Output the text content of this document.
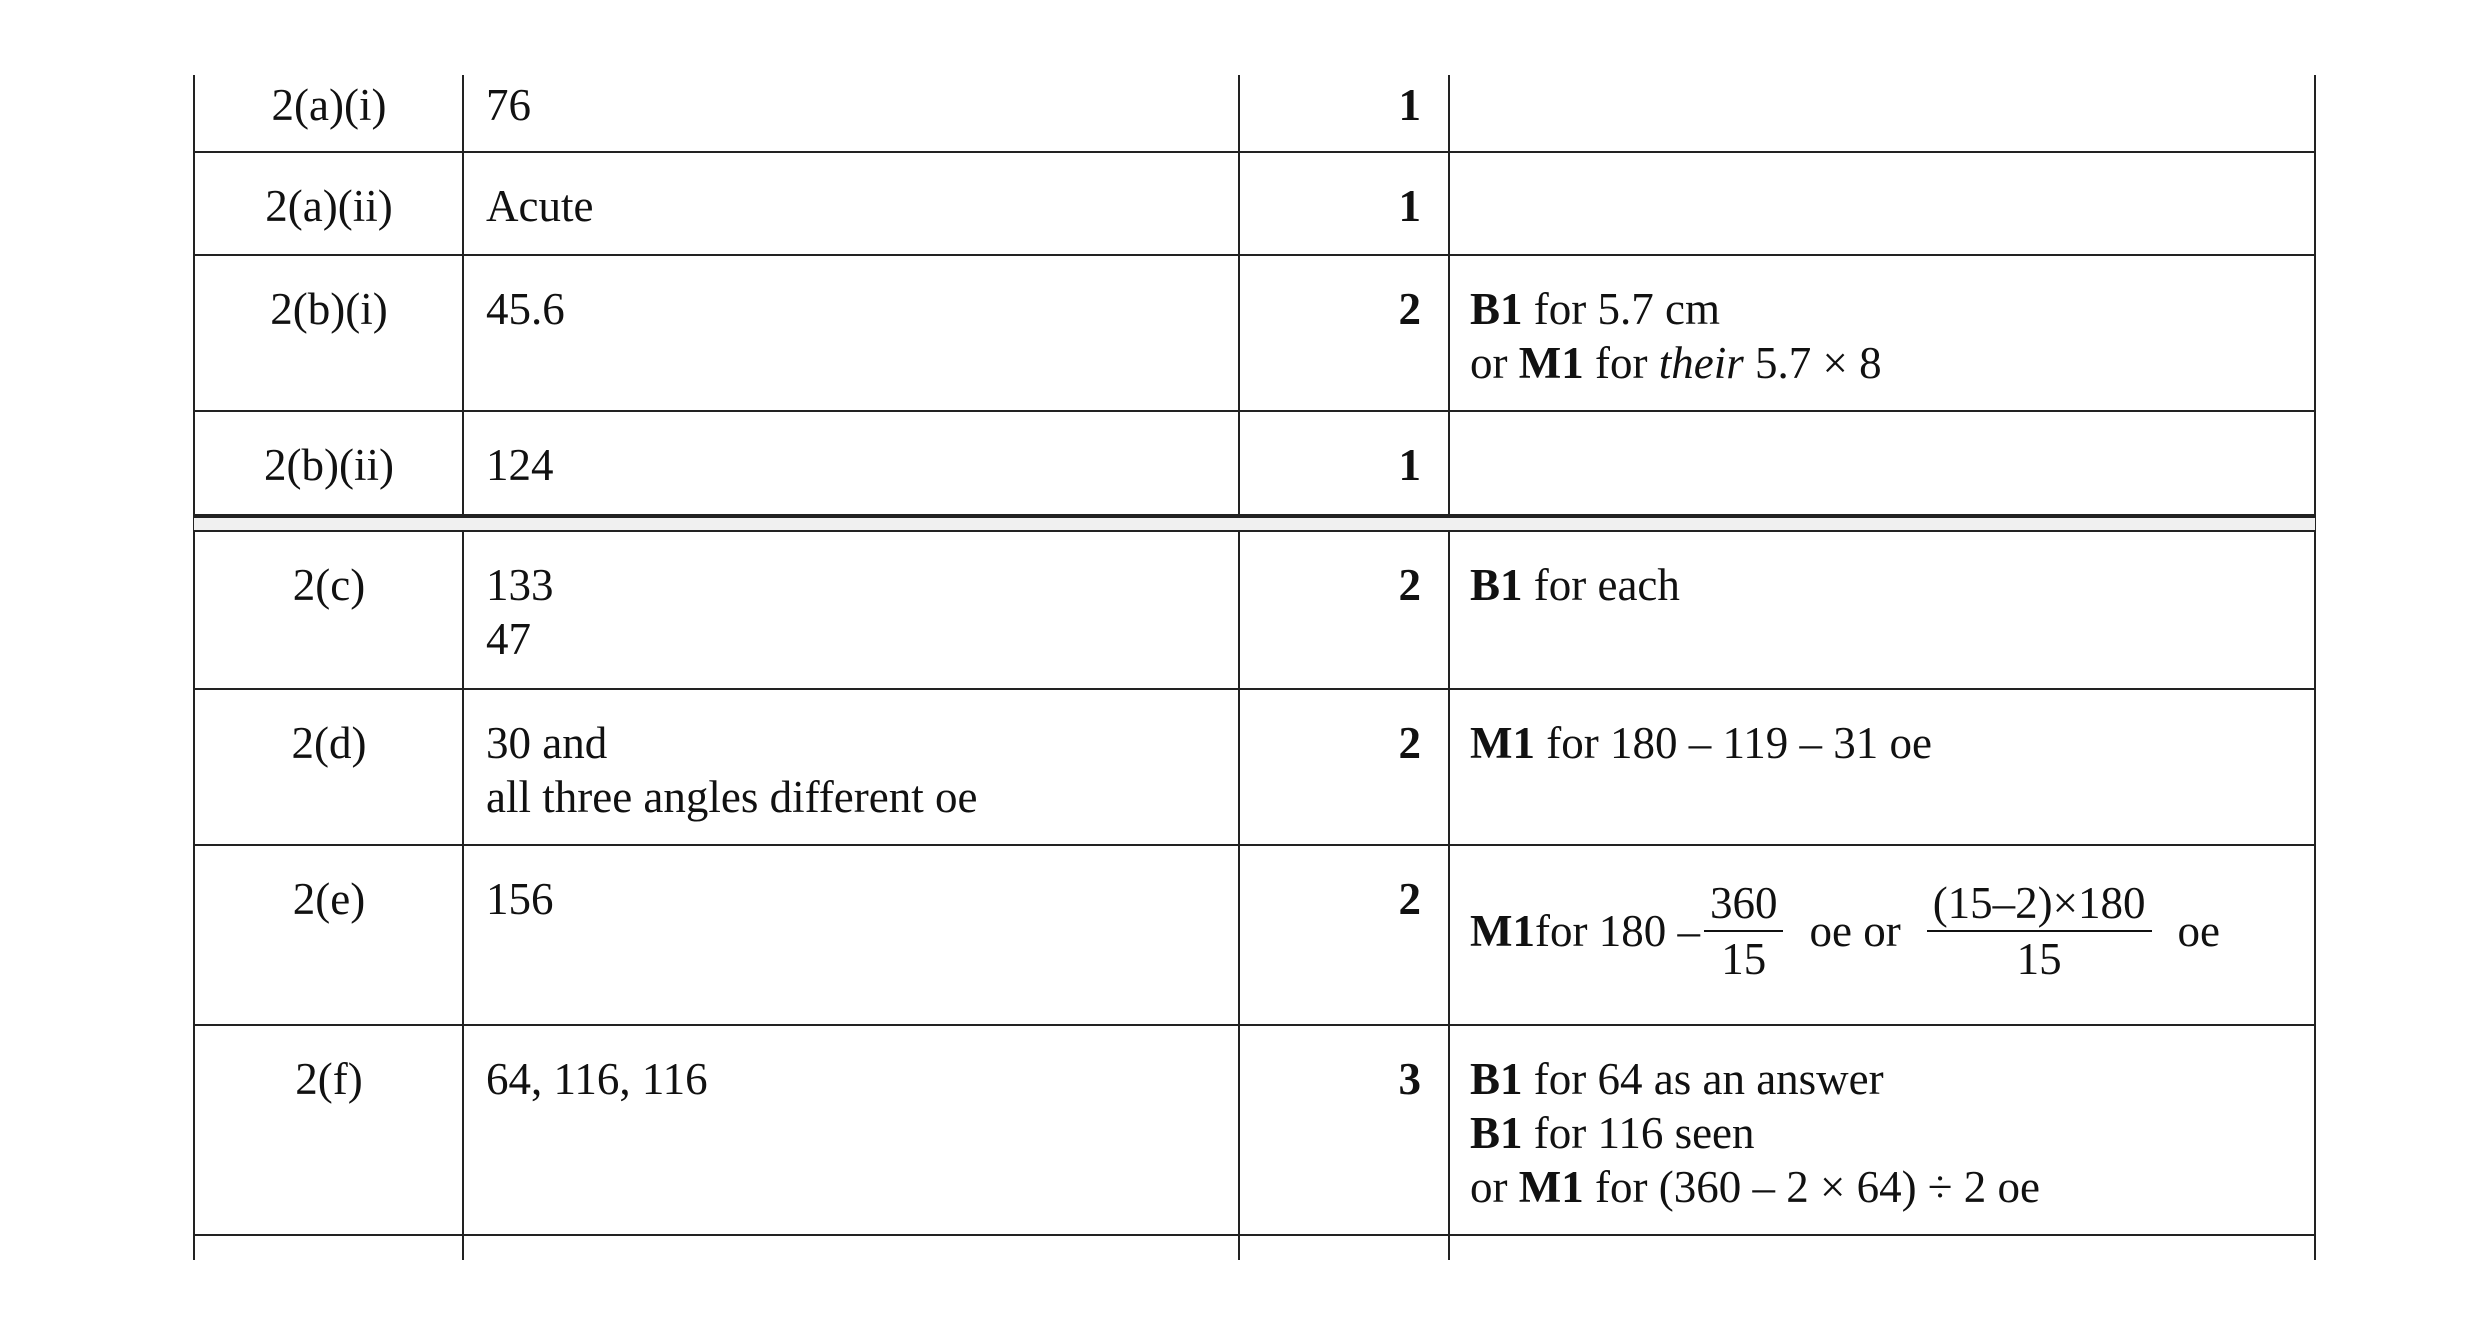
2(a)(i)	76	1
2(a)(ii)	Acute	1
2(b)(i)	45.6	2 B1 for 5.7 cm
or M1 for their 5.7 × 8
2(b)(ii)	124	1
2(c)	133
47
2 B1 for each
2(d)	30 and
all three angles different oe
2 M1 for 180 – 119 – 31 oe
2(e)	156	2
M1 for $180 - \frac{360}{15}$ oe or $\frac{(15-2)\times 180}{15}$ oe
2(f)	64, 116, 116	3 B1 for 64 as an answer
B1 for 116 seen
or M1 for (360 – 2 × 64) ÷ 2 oe
